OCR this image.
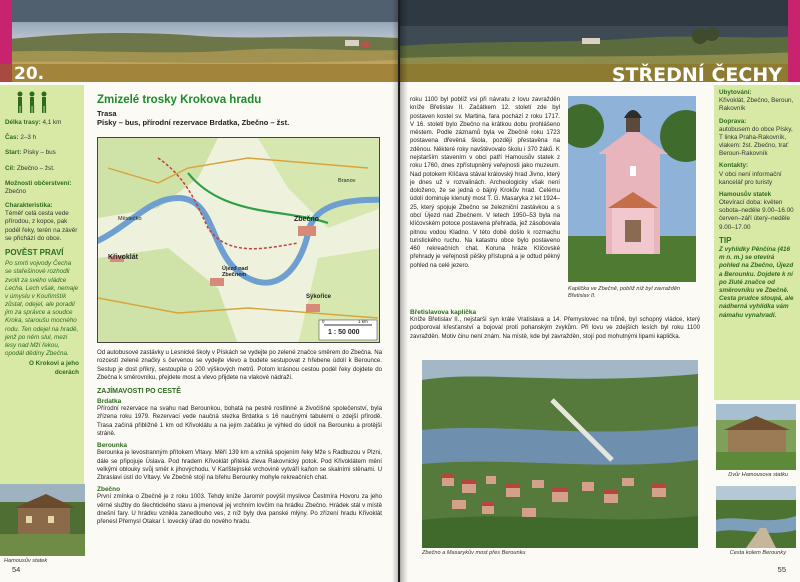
20.
Délka trasy: 4,1 km
Čas: 2–3 h
Start: Písky – bus
Cíl: Zbečno – žst.
Možnosti občerstvení:
Zbečno
Charakteristika:
Téměř celá cesta vede přírodou, z kopce, pak podél řeky, terén na závěr se přichází do obce.
POVĚST PRAVÍ
Po smrti vojvody Čecha se stařešinové rozhodli zvolit za svého vládce Lecha. Lech však, nemaje v úmyslu v Kouřimštík zůstat, odejel, ale poradil jim za správce a soudce Kroka, staroušu mocného rodu. Ten odejel na hradě, jenž po něm slul, mezi lesy nad Mží řekou, opodál dědiny Zbečna.
O Krokovi a jeho dcerách
Hamousův statek
Zmizelé trosky Krokova hradu
Trasa
Písky – bus, přírodní rezervace Brdatka, Zbečno – žst.
Křivoklát
Zbečno
Újezd nad Zbečnem
Sýkořice
Městečko
Branov
0	1 km
1 : 50 000
Od autobusové zastávky u Lesnické školy v Pískách se vydejte po zelené značce směrem do Zbečna. Na rozcestí zelené značky s červenou se vydejte vlevo a budete sestupovat z hřebene údolí k Berounce. Sestup je dost příkrý, sestoupíte o 200 výškových metrů. Potom krásnou cestou podél řeky dojdete do Zbečna k směrovníku, přejdete most a vlevo přijdete na vlakové nádraží.
ZAJÍMAVOSTI PO CESTĚ
Brdatka
Přírodní rezervace na svahu nad Berounkou, bohatá na pestré rostlinné a živočišné společenství, byla zřízena roku 1979. Rezervací vede naučná stezka Brdatka s 16 naučnými tabulemi o zdejší přírodě. Trasa začíná přibližně 1 km od Křivoklátu a na jejím začátku je výhled do údolí na Berounku a protější stráně.
Berounka
Berounka je levostranným přítokem Vltavy. Měří 139 km a vzniká spojením řeky Mže s Radbuzou v Plzni, dále se připojuje Úslava. Pod hradem Křivoklát přitéká zleva Rakovnický potok. Pod Křivoklátem mění velkými oblouky svůj směr k jihovýchodu. V Karlštejnské vrchovině vytváří kaňon se skalními stěnami. U Zbraslavi ústí do Vltavy. Ve Zbečně stojí na břehu Berounky mohyle rekreačních chat.
Zbečno
První zmínka o Zbečně je z roku 1003. Tehdy kníže Jaromír povýšil myslivce Čestmíra Hovoru za jeho věrné služby do šlechtického stavu a jmenoval jej vrchním lovčím na hrádku Zbečno. Hrádek stál v místě dnešní fary. U hrádku vznikla zanedlouho ves, z níž byly dva panské mlýny. Po zřízení hradu Křivoklát přenesl Přemysl Otakar I. lovecký úřad do nového hradu.
54
STŘEDNÍ ČECHY
roku 1100 byl poblíž vsi při návratu z lovu zavražděn kníže Břetislav II. Začátkem 12. století zde byl postaven kostel sv. Martina, fara pochází z roku 1717. V 16. století bylo Zbečno na krátkou dobu prohlášeno městem. Podle záznamů byla ve Zbečně roku 1723 postavena dřevěná škola, později přestavěna na zděnou. Některé roky navštěvovalo školu i 370 žáků. K nejstarším stavením v obci patří Hamousův statek z roku 1760, dnes zpřístupněný veřejnosti jako muzeum. Nad potokem Klíčava stával královský hrad Jivno, který je dnes už v rozvalinách. Archeologicky však není doloženo, že se jedná o bájný Krokův hrad. Celému údolí dominuje klenutý most T. G. Masaryka z let 1924–25, který spojuje Zbečno se železniční zastávkou a s obcí Újezd nad Zbečnem. V letech 1950–53 byla na klíčovském potoce postavena přehrada, jež zásobovala pitnou vodou Kladno. V této době došlo k rozmachu turistického ruchu. Na katastru obce bylo postaveno 460 rekreačních chat. Koruna hráze Klíčovské přehrady je veřejnosti pěšky přístupná a je odtud pěkný pohled na celé jezero.
Kaplička ve Zbečně, poblíž níž byl zavražděn Břetislav II.
Břetislavova kaplička
Kníže Břetislav II., nejstarší syn krále Vratislava a 14. Přemyslovec na trůně, byl schopný vládce, který podporoval křesťanství a bojoval proti pohanským zvykům. Při lovu ve zdejších lesích byl roku 1100 zavražděn. Motiv činu není znám. Na místě, kde byl zavražděn, stojí pod mohutnými lipami kaplička.
Zbečno a Masarykův most přes Berounku
Ubytování:
Křivoklát, Zbečno, Beroun, Rakovník
Doprava:
autobusem do obce Písky, T linka Praha-Rakovník, vlakem: žst. Zbečno, trať Beroun-Rakovník
Kontakty:
V obci není informační kancelář pro turisty
Hamousův statek
Otevírací doba: květen sobota–neděle 9.00–16.00 červen–září úterý–neděle 9.00–17.00
TIP
Z vyhlídky Pěnčína (416 m n. m.) se otevírá pohled na Zbečno, Újezd a Berounku. Dojdete k ní po žluté značce od směrovníku ve Zbečně. Cesta prudce stoupá, ale nádherná vyhlídka vám námahu vynahradí.
Dvůr Hamousova statku
Cesta kolem Berounky
55
